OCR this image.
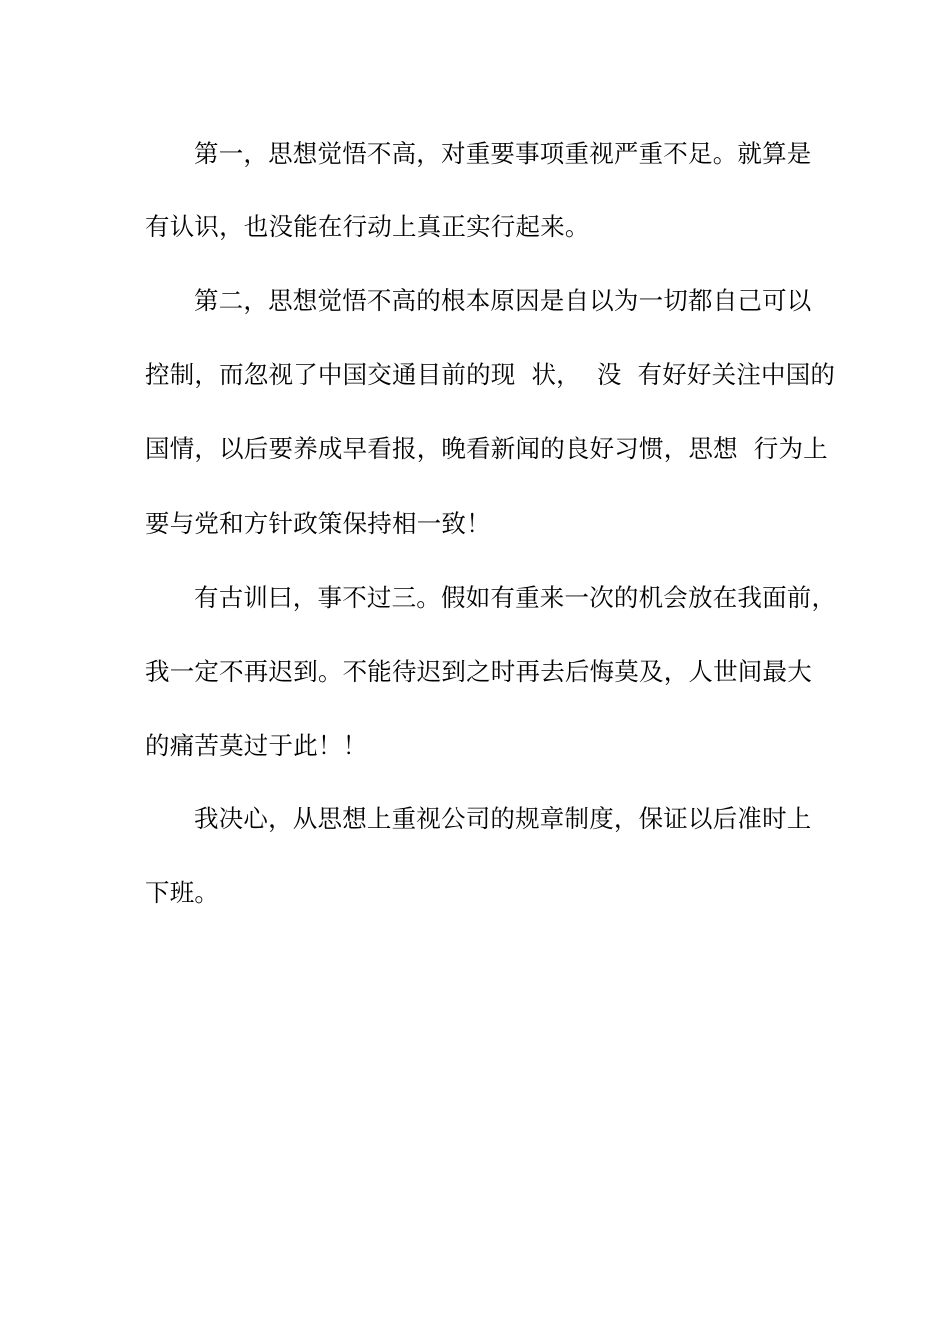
第一，思想觉悟不高，对重要事项重视严重不足。就算是
有认识，也没能在行动上真正实行起来。
第二，思想觉悟不高的根本原因是自以为一切都自己可以
控制，而忽视了中国交通目前的现  状，  没  有好好关注中国的
国情，以后要养成早看报，晚看新闻的良好习惯，思想  行为上
要与党和方针政策保持相一致！
有古训曰，事不过三。假如有重来一次的机会放在我面前，
我一定不再迟到。不能待迟到之时再去后悔莫及，人世间最大
的痛苦莫过于此！！
我决心，从思想上重视公司的规章制度，保证以后准时上
下班。
